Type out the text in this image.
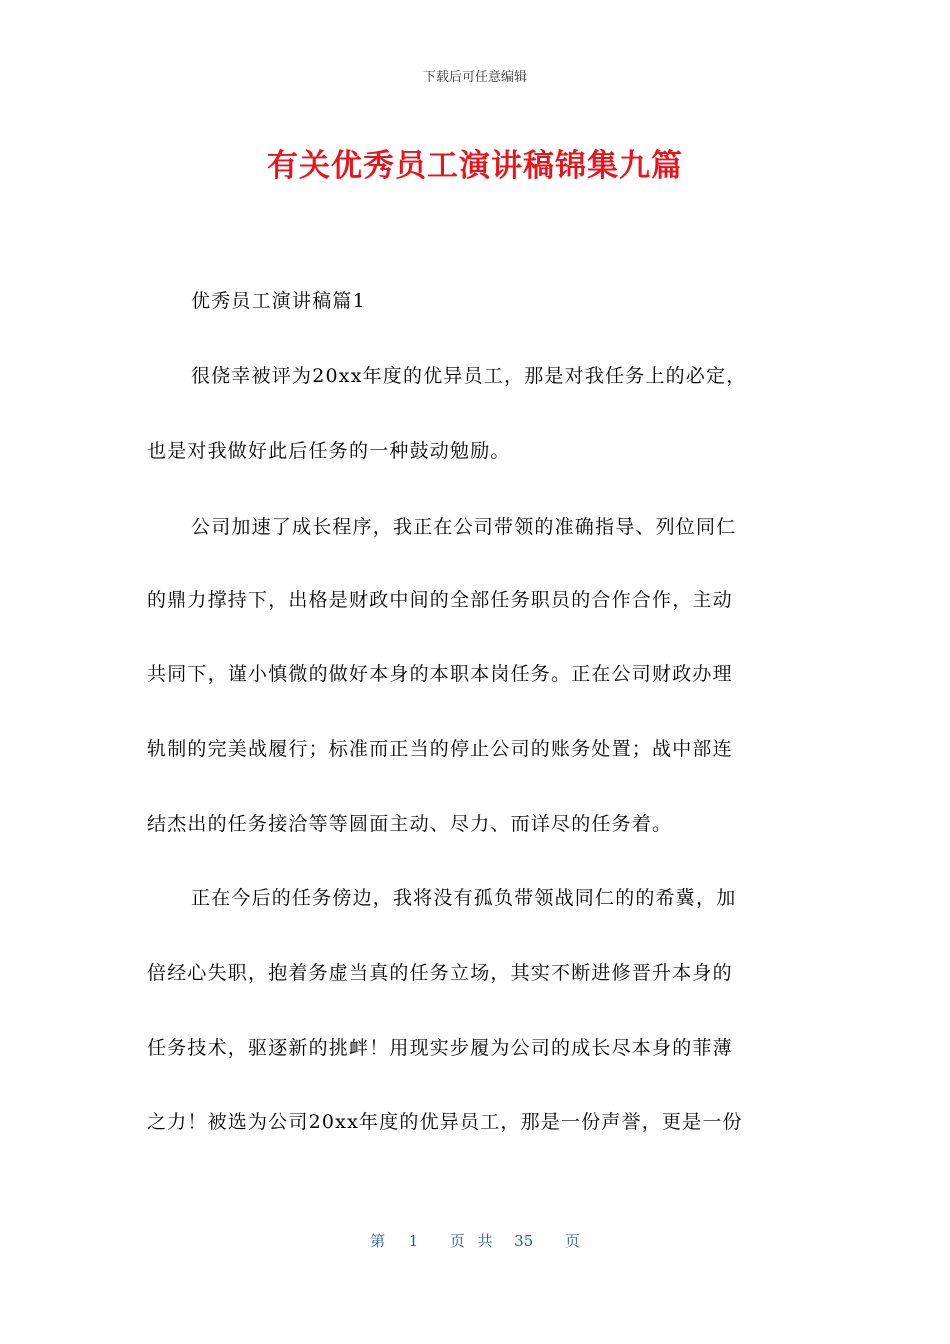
下载后可任意编辑
有关优秀员工演讲稿锦集九篇
优秀员工演讲稿篇1
很侥幸被评为20xx年度的优异员工，那是对我任务上的必定，
也是对我做好此后任务的一种鼓动勉励。
公司加速了成长程序，我正在公司带领的准确指导、列位同仁
的鼎力撑持下，出格是财政中间的全部任务职员的合作合作，主动
共同下，谨小慎微的做好本身的本职本岗任务。正在公司财政办理
轨制的完美战履行；标准而正当的停止公司的账务处置；战中部连
结杰出的任务接洽等等圆面主动、尽力、而详尽的任务着。
正在今后的任务傍边，我将没有孤负带领战同仁的的希冀，加
倍经心失职，抱着务虚当真的任务立场，其实不断进修晋升本身的
任务技术，驱逐新的挑衅！用现实步履为公司的成长尽本身的菲薄
之力！被选为公司20xx年度的优异员工，那是一份声誉，更是一份
第 1 页 共 35 页
